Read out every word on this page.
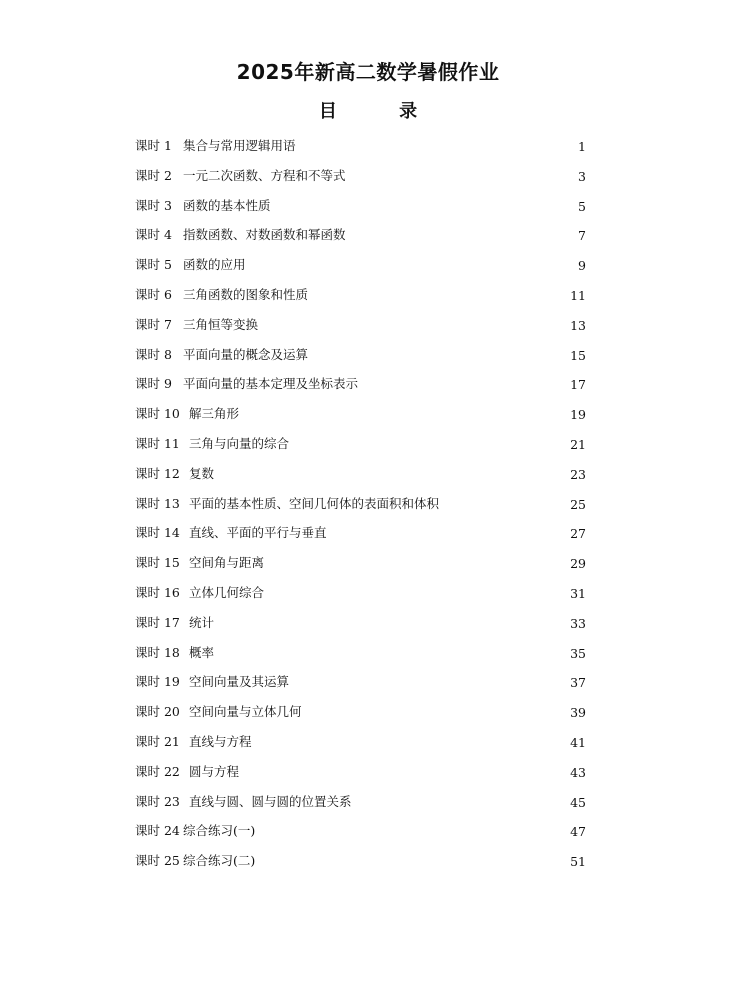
2025年新高二数学暑假作业
目 录
课时 1 集合与常用逻辑用语	1
课时 2 一元二次函数、方程和不等式	3
课时 3 函数的基本性质	5
课时 4 指数函数、对数函数和幂函数	7
课时 5 函数的应用	9
课时 6 三角函数的图象和性质	11
课时 7 三角恒等变换	13
课时 8 平面向量的概念及运算	15
课时 9 平面向量的基本定理及坐标表示	17
课时 10 解三角形	19
课时 11 三角与向量的综合	21
课时 12 复数	23
课时 13 平面的基本性质、空间几何体的表面积和体积	25
课时 14 直线、平面的平行与垂直	27
课时 15 空间角与距离	29
课时 16 立体几何综合	31
课时 17 统计	33
课时 18 概率	35
课时 19 空间向量及其运算	37
课时 20 空间向量与立体几何	39
课时 21 直线与方程	41
课时 22 圆与方程	43
课时 23 直线与圆、圆与圆的位置关系	45
课时 24 综合练习(一)	47
课时 25 综合练习(二)	51
